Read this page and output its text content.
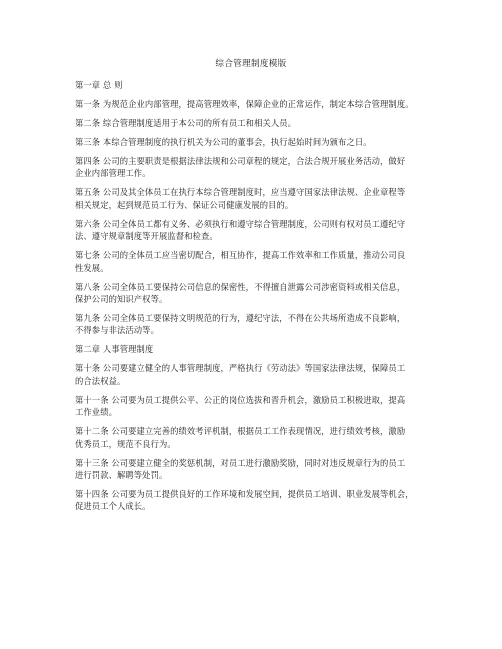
综合管理制度模版
第一章 总 则
第一条 为规范企业内部管理，提高管理效率，保障企业的正常运作，制定本综合管理制度。
第二条 综合管理制度适用于本公司的所有员工和相关人员。
第三条 本综合管理制度的执行机关为公司的董事会，执行起始时间为颁布之日。
第四条 公司的主要职责是根据法律法规和公司章程的规定，合法合规开展业务活动，做好
企业内部管理工作。
第五条 公司及其全体员工在执行本综合管理制度时，应当遵守国家法律法规、企业章程等
相关规定，起到规范员工行为、保证公司健康发展的目的。
第六条 公司全体员工都有义务、必须执行和遵守综合管理制度，公司则有权对员工遵纪守
法、遵守规章制度等开展监督和检查。
第七条 公司的全体员工应当密切配合，相互协作，提高工作效率和工作质量，推动公司良
性发展。
第八条 公司全体员工要保持公司信息的保密性，不得擅自泄露公司涉密资料或相关信息，
保护公司的知识产权等。
第九条 公司全体员工要保持文明规范的行为，遵纪守法，不得在公共场所造成不良影响，
不得参与非法活动等。
第二章 人事管理制度
第十条 公司要建立健全的人事管理制度，严格执行《劳动法》等国家法律法规，保障员工
的合法权益。
第十一条 公司要为员工提供公平、公正的岗位选拔和晋升机会，激励员工积极进取，提高
工作业绩。
第十二条 公司要建立完善的绩效考评机制，根据员工工作表现情况，进行绩效考核，激励
优秀员工，规范不良行为。
第十三条 公司要建立健全的奖惩机制，对员工进行激励奖励，同时对违反规章行为的员工
进行罚款、解聘等处罚。
第十四条 公司要为员工提供良好的工作环境和发展空间，提供员工培训、职业发展等机会，
促进员工个人成长。
